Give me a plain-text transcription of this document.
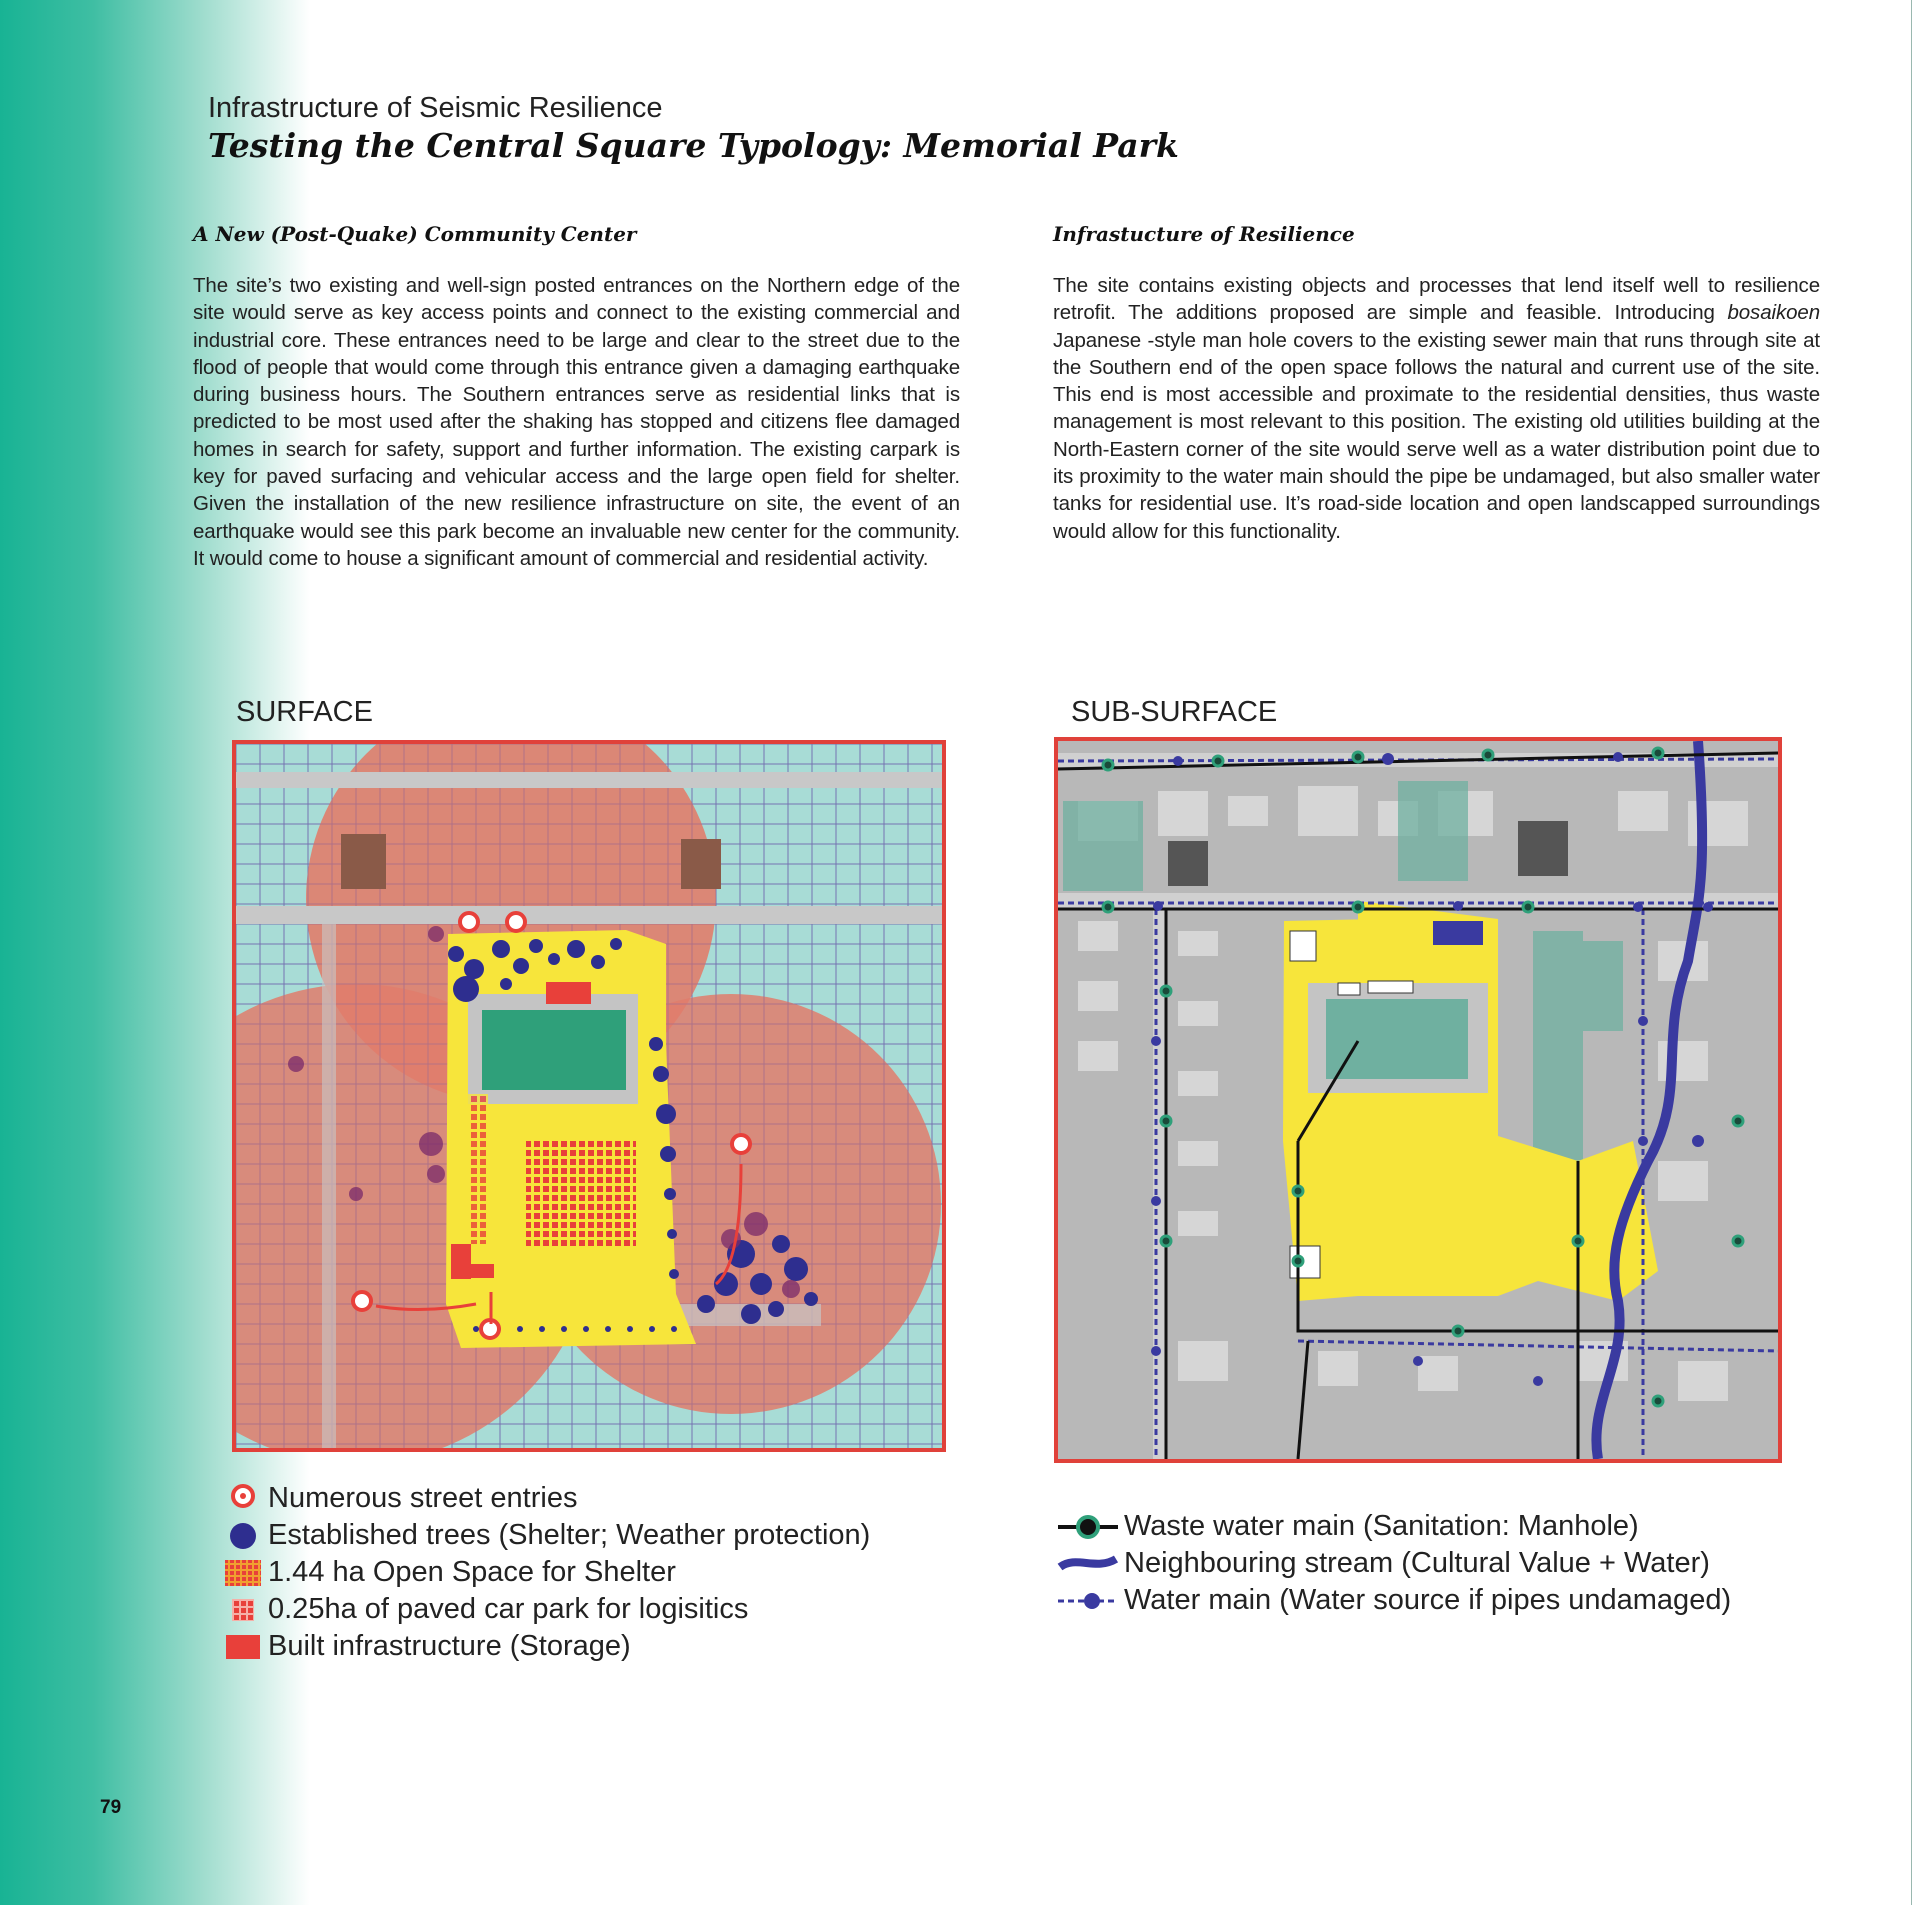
Infrastructure of Seismic Resilience
Testing the Central Square Typology: Memorial Park
A New (Post-Quake) Community Center

The site’s two existing and well-sign posted entrances on the Northern edge of the site would serve as key access points and connect to the existing commercial and industrial core. These entrances need to be large and clear to the street due to the flood of people that would come through this entrance given a damaging earthquake during business hours. The Southern entrances serve as residential links that is predicted to be most used after the shaking has stopped and citizens flee damaged homes in search for safety, support and further information. The existing carpark is key for paved surfacing and vehicular access and the large open field for shelter. Given the installation of the new resilience infrastructure on site, the event of an earthquake would see this park become an invaluable new center for the community. It would come to house a significant amount of commercial and residential activity.

Infrastucture of Resilience

The site contains existing objects and processes that lend itself well to resilience retrofit. The additions proposed are simple and feasible. Introducing bosaikoen Japanese -style man hole covers to the existing sewer main that runs through site at the Southern end of the open space follows the natural and current use of the site. This end is most accessible and proximate to the residential densities, thus waste management is most relevant to this position. The existing old utilities building at the North-Eastern corner of the site would serve well as a water distribution point due to its proximity to the water main should the pipe be undamaged, but also smaller water tanks for residential use. It’s road-side location and open landscapped surroundings would allow for this functionality.

SURFACE
Numerous street entries
Established trees (Shelter; Weather protection)
1.44 ha Open Space for Shelter
0.25ha of paved car park for logisitics
Built infrastructure (Storage)
SUB-SURFACE
Waste water main (Sanitation: Manhole)
Neighbouring stream (Cultural Value + Water)
Water main (Water source if pipes undamaged)
79
